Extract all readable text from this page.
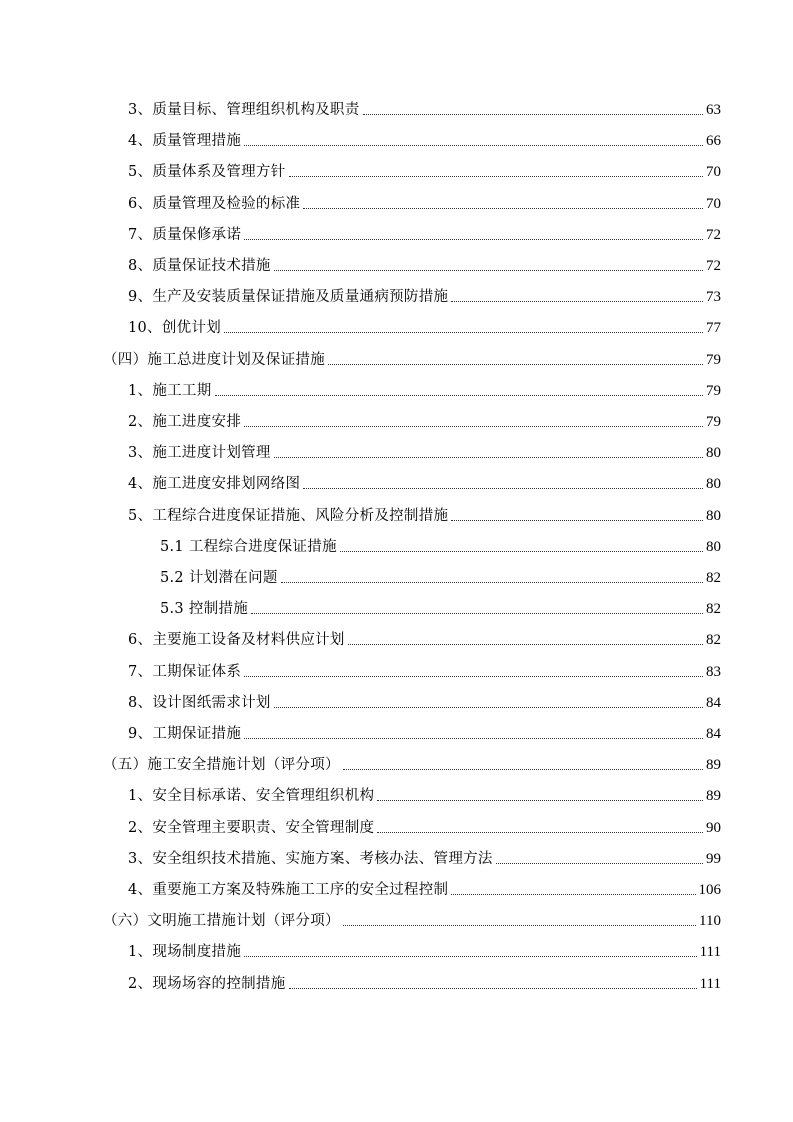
3、质量目标、管理组织机构及职责	63
4、质量管理措施	66
5、质量体系及管理方针	70
6、质量管理及检验的标准	70
7、质量保修承诺	72
8、质量保证技术措施	72
9、生产及安装质量保证措施及质量通病预防措施	73
10、创优计划	77
（四）施工总进度计划及保证措施	79
1、施工工期	79
2、施工进度安排	79
3、施工进度计划管理	80
4、施工进度安排划网络图	80
5、工程综合进度保证措施、风险分析及控制措施	80
5.1 工程综合进度保证措施	80
5.2 计划潜在问题	82
5.3 控制措施	82
6、主要施工设备及材料供应计划	82
7、工期保证体系	83
8、设计图纸需求计划	84
9、工期保证措施	84
（五）施工安全措施计划（评分项）	89
1、安全目标承诺、安全管理组织机构	89
2、安全管理主要职责、安全管理制度	90
3、安全组织技术措施、实施方案、考核办法、管理方法	99
4、重要施工方案及特殊施工工序的安全过程控制	106
（六）文明施工措施计划（评分项）	110
1、现场制度措施	111
2、现场场容的控制措施	111
